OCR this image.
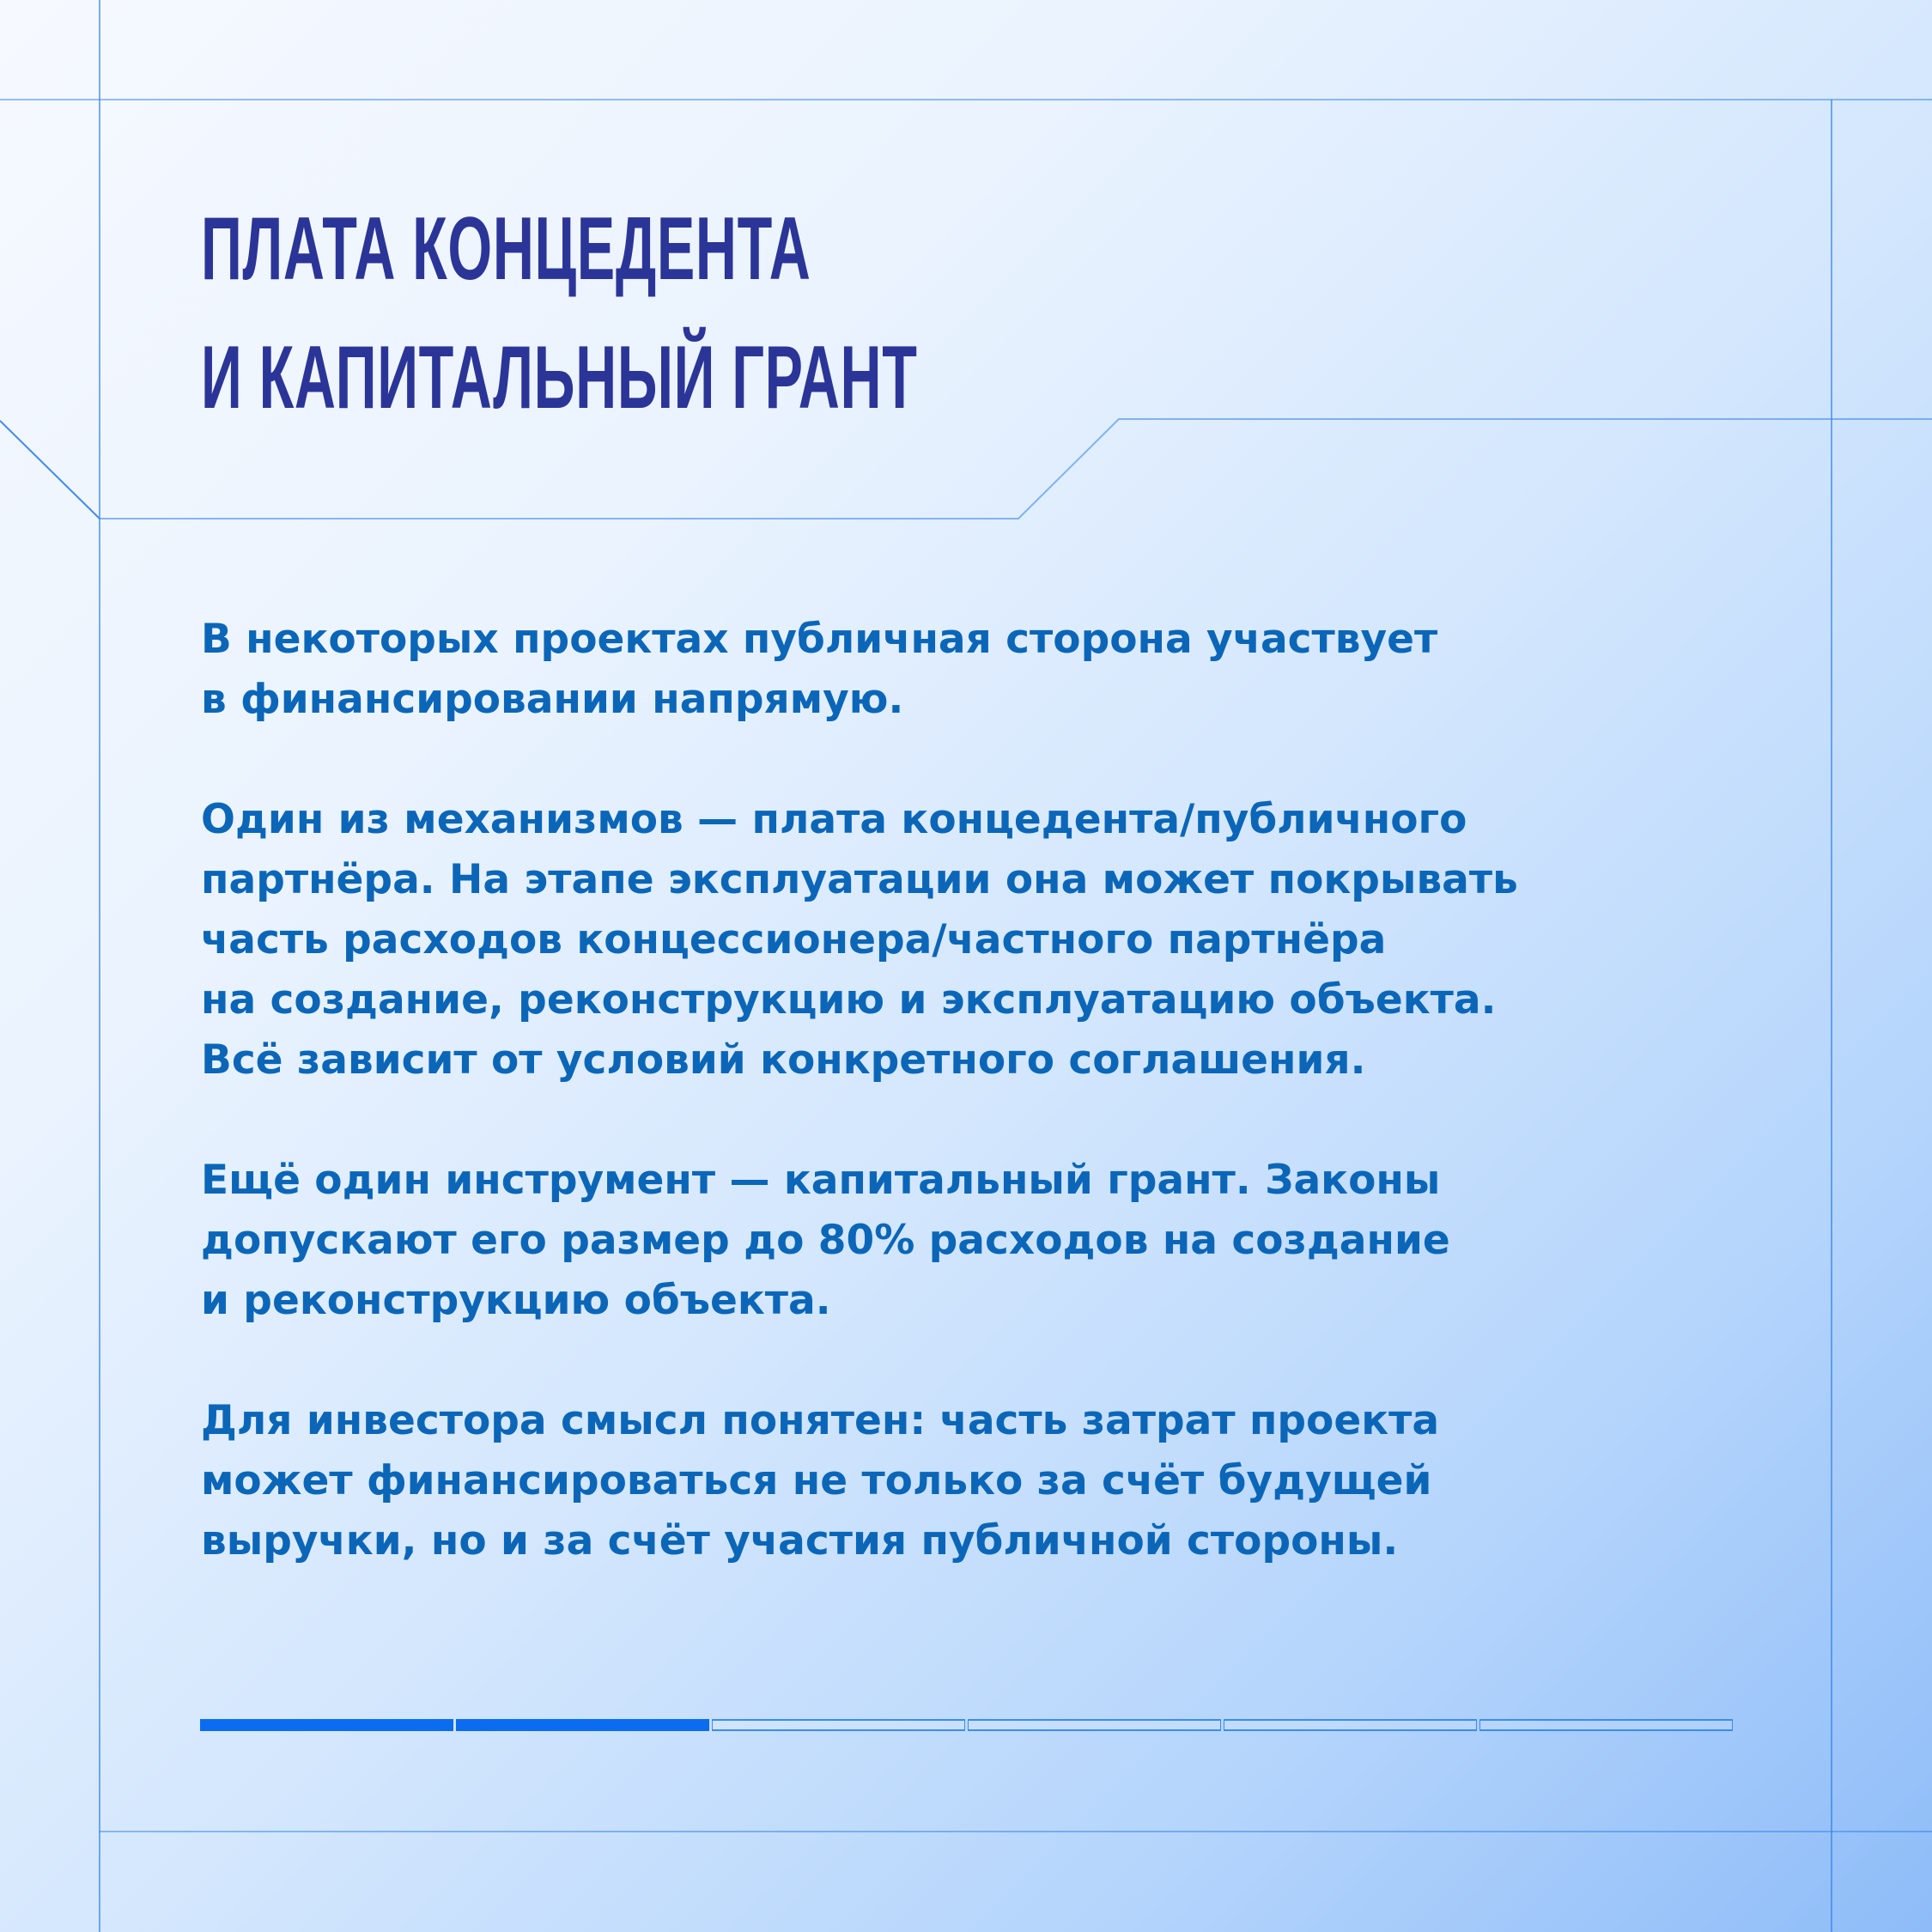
ПЛАТА КОНЦЕДЕНТА
И КАПИТАЛЬНЫЙ ГРАНТ

В некоторых проектах публичная сторона участвует
в финансировании напрямую.

Один из механизмов — плата концедента/публичного
партнёра. На этапе эксплуатации она может покрывать
часть расходов концессионера/частного партнёра
на создание, реконструкцию и эксплуатацию объекта.
Всё зависит от условий конкретного соглашения.

Ещё один инструмент — капитальный грант. Законы
допускают его размер до 80% расходов на создание
и реконструкцию объекта.

Для инвестора смысл понятен: часть затрат проекта
может финансироваться не только за счёт будущей
выручки, но и за счёт участия публичной стороны.
